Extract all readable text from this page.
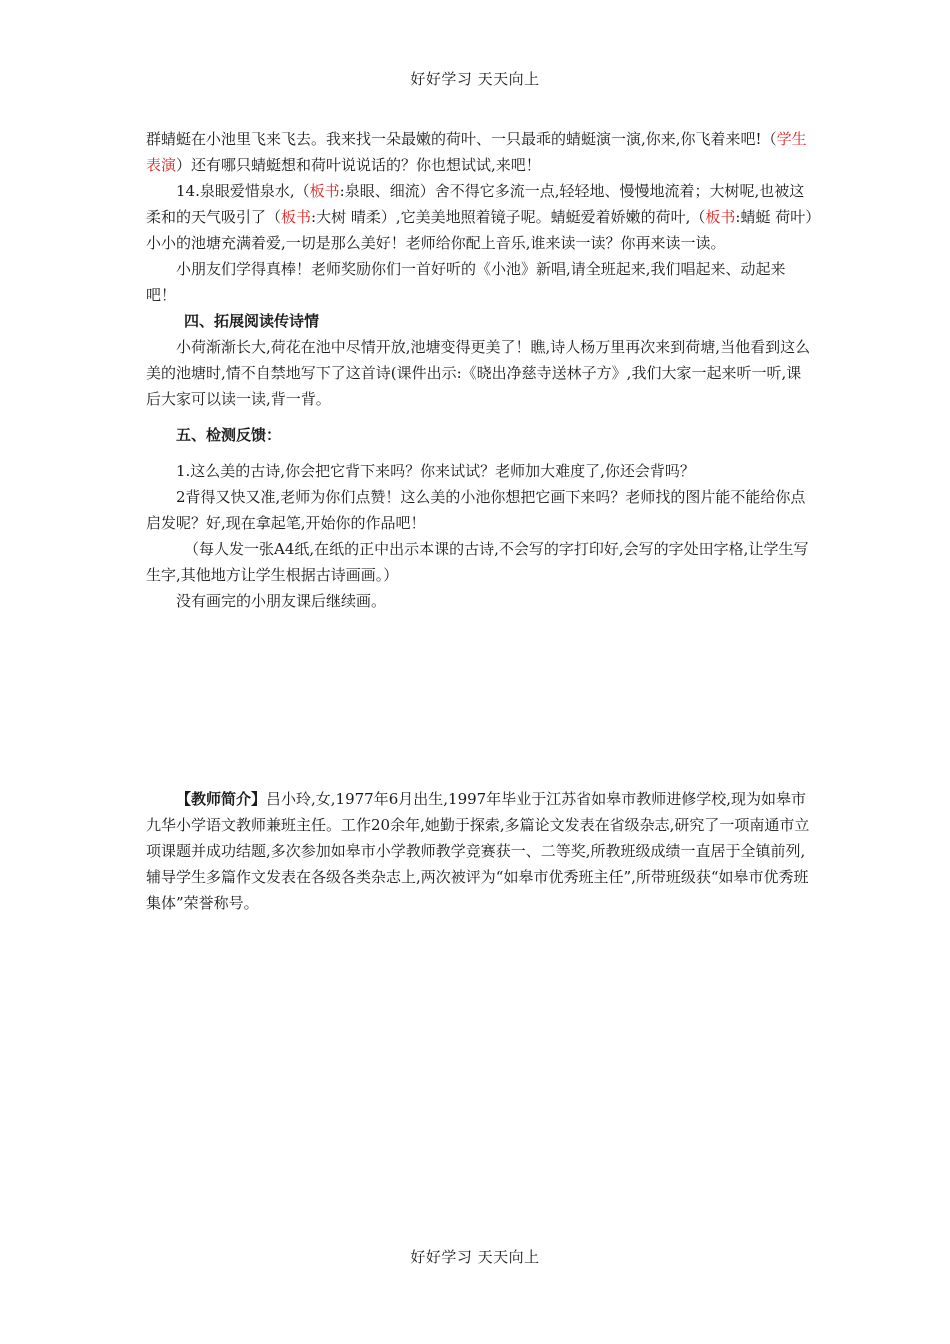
好好学习 天天向上

群蜻蜓在小池里飞来飞去。我来找一朵最嫩的荷叶、一只最乖的蜻蜓演一演,你来,你飞着来吧!（学生表演）还有哪只蜻蜓想和荷叶说说话的？你也想试试,来吧！

14.泉眼爱惜泉水,（板书:泉眼、细流）舍不得它多流一点,轻轻地、慢慢地流着；大树呢,也被这柔和的天气吸引了（板书:大树 晴柔）,它美美地照着镜子呢。蜻蜓爱着娇嫩的荷叶,（板书:蜻蜓 荷叶）小小的池塘充满着爱,一切是那么美好！老师给你配上音乐,谁来读一读？你再来读一读。

小朋友们学得真棒！老师奖励你们一首好听的《小池》新唱,请全班起来,我们唱起来、动起来吧！

四、拓展阅读传诗情

小荷渐渐长大,荷花在池中尽情开放,池塘变得更美了！瞧,诗人杨万里再次来到荷塘,当他看到这么美的池塘时,情不自禁地写下了这首诗(课件出示:《晓出净慈寺送林子方》,我们大家一起来听一听,课后大家可以读一读,背一背。

五、检测反馈：

1.这么美的古诗,你会把它背下来吗？你来试试？老师加大难度了,你还会背吗？

2背得又快又准,老师为你们点赞！这么美的小池你想把它画下来吗？老师找的图片能不能给你点启发呢？好,现在拿起笔,开始你的作品吧！

（每人发一张A4纸,在纸的正中出示本课的古诗,不会写的字打印好,会写的字处田字格,让学生写生字,其他地方让学生根据古诗画画。）

没有画完的小朋友课后继续画。

【教师简介】吕小玲,女,1977年6月出生,1997年毕业于江苏省如皋市教师进修学校,现为如皋市九华小学语文教师兼班主任。工作20余年,她勤于探索,多篇论文发表在省级杂志,研究了一项南通市立项课题并成功结题,多次参加如皋市小学教师教学竞赛获一、二等奖,所教班级成绩一直居于全镇前列,辅导学生多篇作文发表在各级各类杂志上,两次被评为“如皋市优秀班主任”,所带班级获“如皋市优秀班集体”荣誉称号。

好好学习 天天向上
